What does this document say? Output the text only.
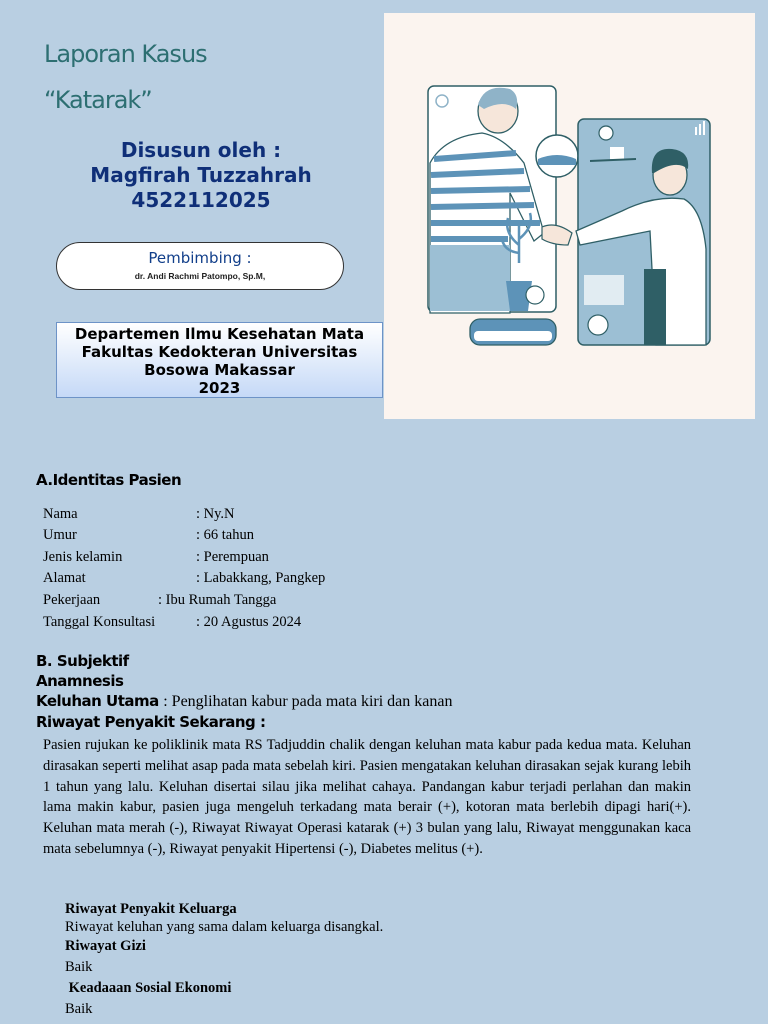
Laporan Kasus
“Katarak”
Disusun oleh :
Magfirah Tuzzahrah
4522112025
Pembimbing :
dr. Andi Rachmi Patompo, Sp.M,
Departemen Ilmu Kesehatan Mata
Fakultas Kedokteran Universitas
Bosowa Makassar
2023
A.Identitas Pasien
Nama	: Ny.N
Umur	: 66 tahun
Jenis kelamin	: Perempuan
Alamat	: Labakkang, Pangkep
Pekerjaan	: Ibu Rumah Tangga
Tanggal Konsultasi	: 20 Agustus 2024
B. Subjektif
Anamnesis
Keluhan Utama : Penglihatan kabur pada mata kiri dan kanan
Riwayat Penyakit Sekarang :
Pasien rujukan ke poliklinik mata RS Tadjuddin chalik dengan keluhan mata kabur pada kedua mata. Keluhan dirasakan seperti melihat asap pada mata sebelah kiri. Pasien mengatakan keluhan dirasakan sejak kurang lebih 1 tahun yang lalu. Keluhan disertai silau jika melihat cahaya. Pandangan kabur terjadi perlahan dan makin lama makin kabur, pasien juga mengeluh terkadang mata berair (+), kotoran mata berlebih dipagi hari(+). Keluhan mata merah (-), Riwayat Riwayat Operasi katarak (+) 3 bulan yang lalu, Riwayat menggunakan kaca mata sebelumnya (-), Riwayat penyakit Hipertensi (-), Diabetes melitus (+).
Riwayat Penyakit Keluarga
Riwayat keluhan yang sama dalam keluarga disangkal.
Riwayat Gizi
Baik
Keadaaan Sosial Ekonomi
Baik
